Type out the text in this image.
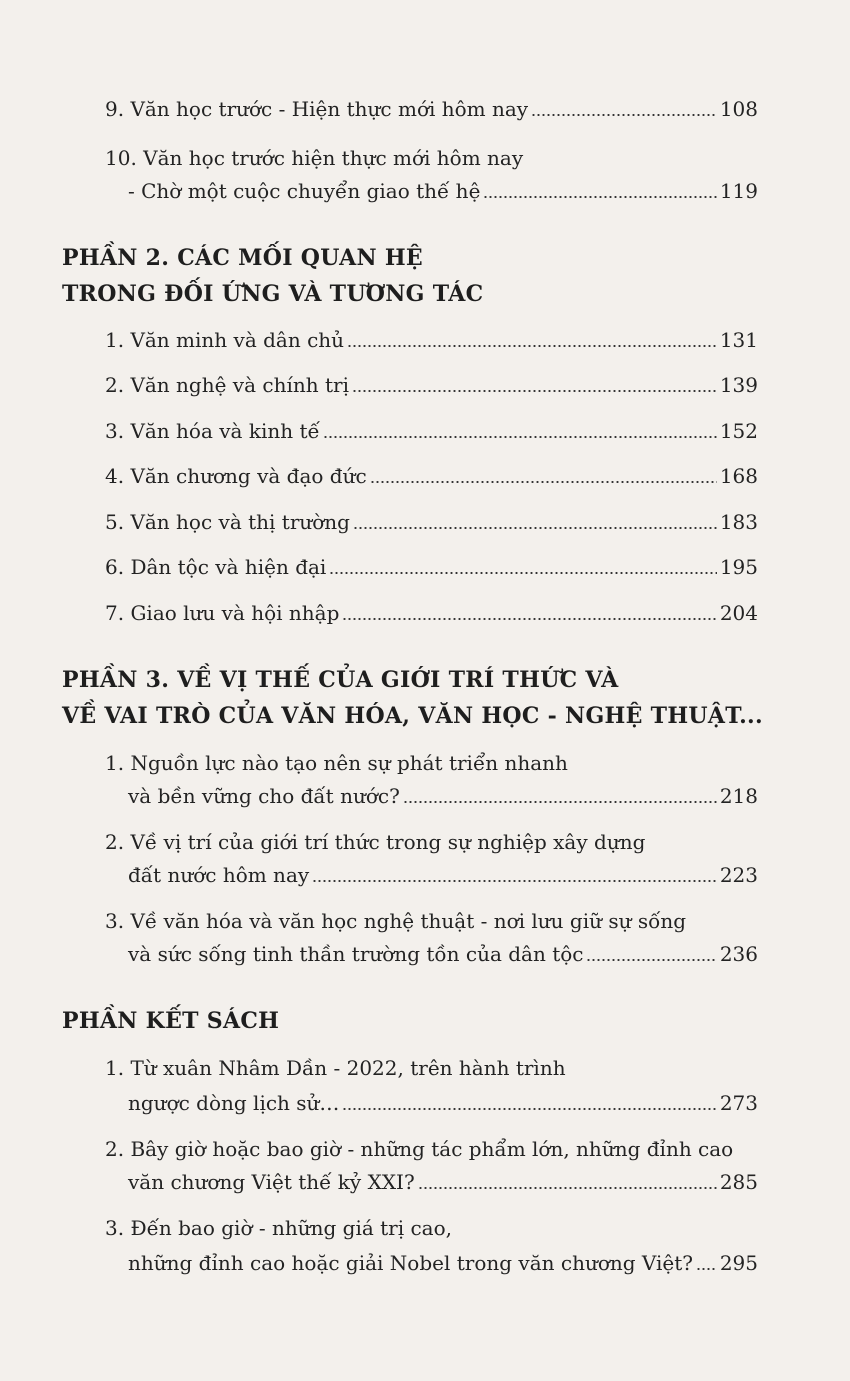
9. Văn học trước - Hiện thực mới hôm nay	108
10. Văn học trước hiện thực mới hôm nay
- Chờ một cuộc chuyển giao thế hệ	119
PHẦN 2. CÁC MỐI QUAN HỆ
TRONG ĐỐI ỨNG VÀ TƯƠNG TÁC
1. Văn minh và dân chủ	131
2. Văn nghệ và chính trị	139
3. Văn hóa và kinh tế	152
4. Văn chương và đạo đức	168
5. Văn học và thị trường	183
6. Dân tộc và hiện đại	195
7. Giao lưu và hội nhập	204
PHẦN 3. VỀ VỊ THẾ CỦA GIỚI TRÍ THỨC VÀ
VỀ VAI TRÒ CỦA VĂN HÓA, VĂN HỌC - NGHỆ THUẬT...
1. Nguồn lực nào tạo nên sự phát triển nhanh
và bền vững cho đất nước?	218
2. Về vị trí của giới trí thức trong sự nghiệp xây dựng
đất nước hôm nay	223
3. Về văn hóa và văn học nghệ thuật - nơi lưu giữ sự sống
và sức sống tinh thần trường tồn của dân tộc	236
PHẦN KẾT SÁCH
1. Từ xuân Nhâm Dần - 2022, trên hành trình
ngược dòng lịch sử…	273
2. Bây giờ hoặc bao giờ - những tác phẩm lớn, những đỉnh cao
văn chương Việt thế kỷ XXI?	285
3. Đến bao giờ - những giá trị cao,
những đỉnh cao hoặc giải Nobel trong văn chương Việt? 295
